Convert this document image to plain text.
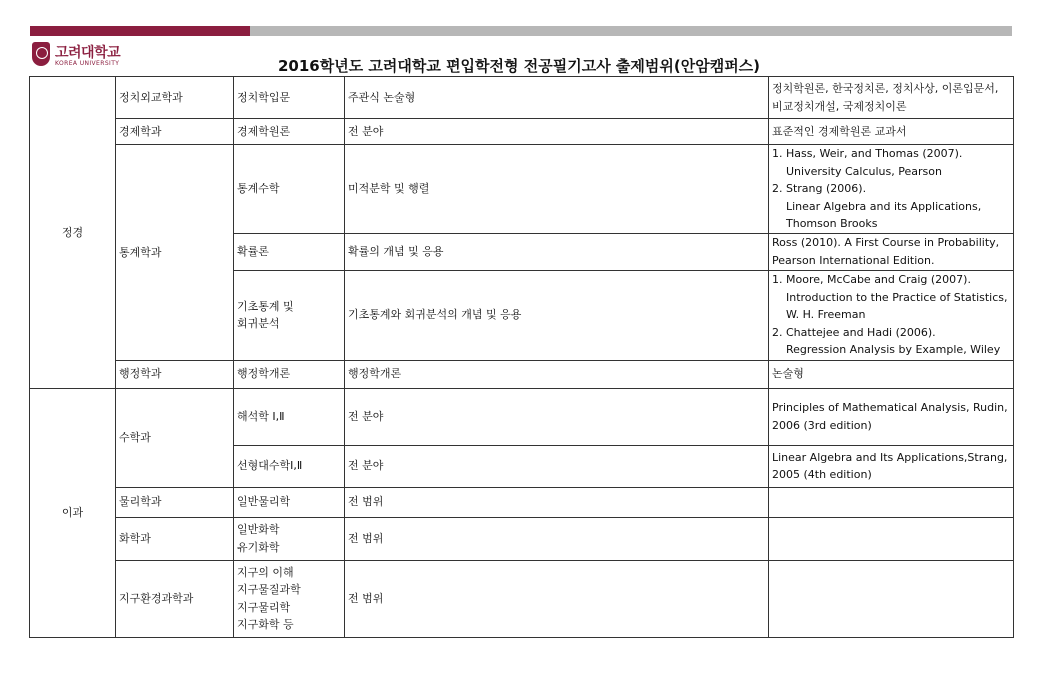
고려대학교
KOREA UNIVERSITY	2016학년도 고려대학교 편입학전형 전공필기고사 출제범위(안암캠퍼스)
정경	정치외교학과	정치학입문	주관식 논술형	정치학원론, 한국정치론, 정치사상, 이론입문서, 비교정치개설, 국제정치이론
	경제학과	경제학원론	전 분야	표준적인 경제학원론 교과서
	통계학과	통계수학	미적분학 및 행렬	1. Hass, Weir, and Thomas (2007).
University Calculus, Pearson
2. Strang (2006).
Linear Algebra and its Applications,
Thomson Brooks
		확률론	확률의 개념 및 응용	Ross (2010). A First Course in Probability,
Pearson International Edition.
		기초통계 및
회귀분석	기초통계와 회귀분석의 개념 및 응용	1. Moore, McCabe and Craig (2007).
Introduction to the Practice of Statistics,
W. H. Freeman
2. Chattejee and Hadi (2006).
Regression Analysis by Example, Wiley
	행정학과	행정학개론	행정학개론	논술형
이과	수학과	해석학 Ⅰ,Ⅱ	전 분야	Principles of Mathematical Analysis, Rudin,
2006 (3rd edition)
		선형대수학Ⅰ,Ⅱ	전 분야	Linear Algebra and Its Applications,Strang,
2005 (4th edition)
	물리학과	일반물리학	전 범위	
	화학과	일반화학
유기화학	전 범위	
	지구환경과학과	지구의 이해
지구물질과학
지구물리학
지구화학 등	전 범위	
